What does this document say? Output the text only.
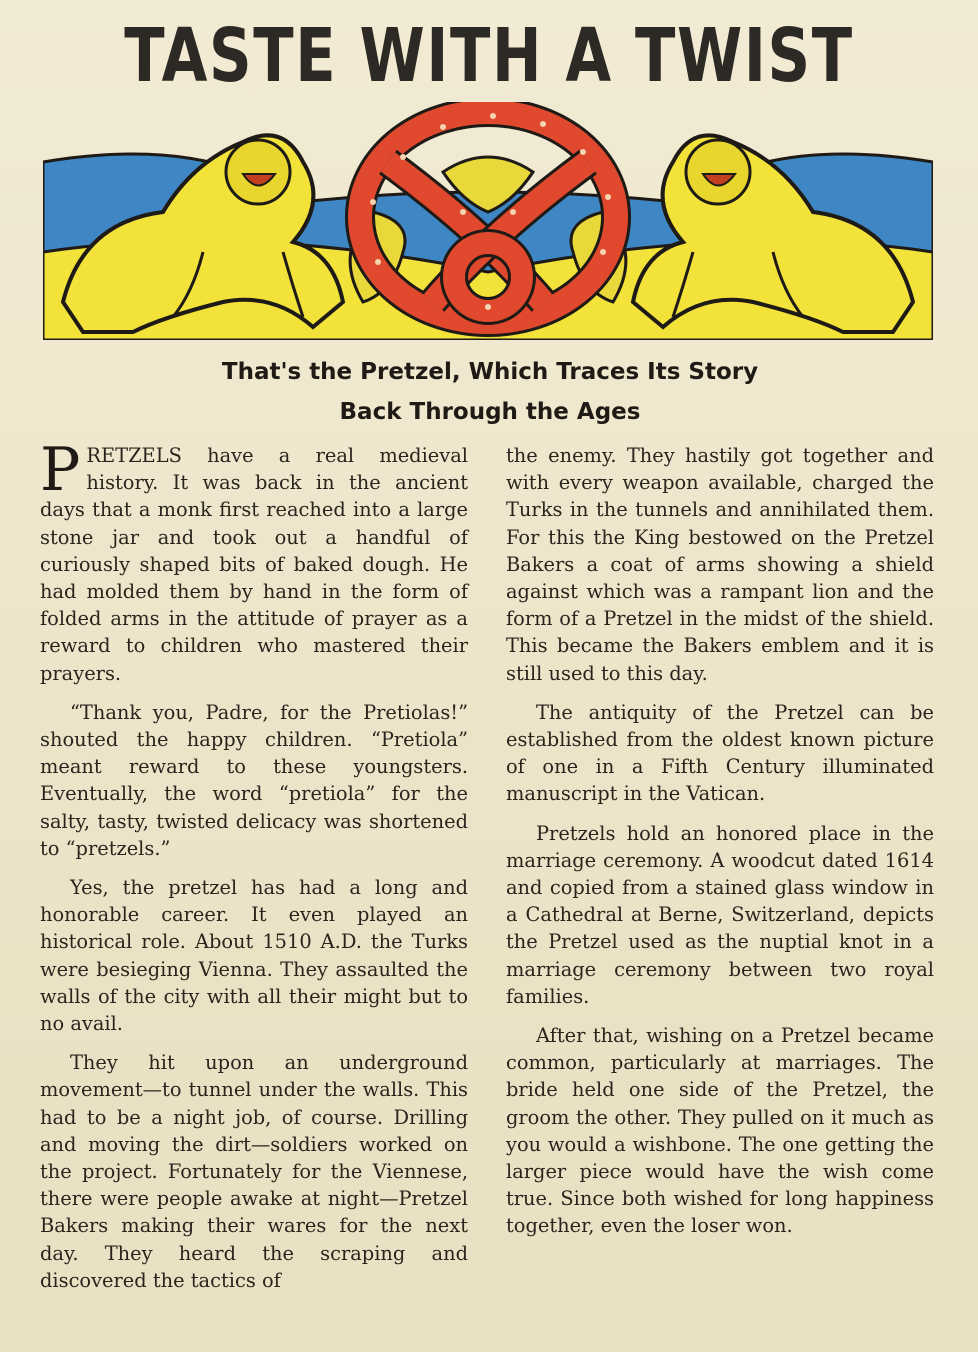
TASTE WITH A TWIST
That's the Pretzel, Which Traces Its Story
Back Through the Ages

PRETZELS have a real medieval history. It was back in the ancient days that a monk first reached into a large stone jar and took out a handful of curiously shaped bits of baked dough. He had molded them by hand in the form of folded arms in the attitude of prayer as a reward to children who mastered their prayers.

“Thank you, Padre, for the Pretiolas!” shouted the happy children. “Pretiola” meant reward to these youngsters. Eventually, the word “pretiola” for the salty, tasty, twisted delicacy was shortened to “pretzels.”

Yes, the pretzel has had a long and honorable career. It even played an historical role. About 1510 A.D. the Turks were besieging Vienna. They assaulted the walls of the city with all their might but to no avail.

They hit upon an underground movement—to tunnel under the walls. This had to be a night job, of course. Drilling and moving the dirt—soldiers worked on the project. Fortunately for the Viennese, there were people awake at night—Pretzel Bakers making their wares for the next day. They heard the scraping and discovered the tactics of

the enemy. They hastily got together and with every weapon available, charged the Turks in the tunnels and annihilated them. For this the King bestowed on the Pretzel Bakers a coat of arms showing a shield against which was a rampant lion and the form of a Pretzel in the midst of the shield. This became the Bakers emblem and it is still used to this day.

The antiquity of the Pretzel can be established from the oldest known picture of one in a Fifth Century illuminated manuscript in the Vatican.

Pretzels hold an honored place in the marriage ceremony. A woodcut dated 1614 and copied from a stained glass window in a Cathedral at Berne, Switzerland, depicts the Pretzel used as the nuptial knot in a marriage ceremony between two royal families.

After that, wishing on a Pretzel became common, particularly at marriages. The bride held one side of the Pretzel, the groom the other. They pulled on it much as you would a wishbone. The one getting the larger piece would have the wish come true. Since both wished for long happiness together, even the loser won.
